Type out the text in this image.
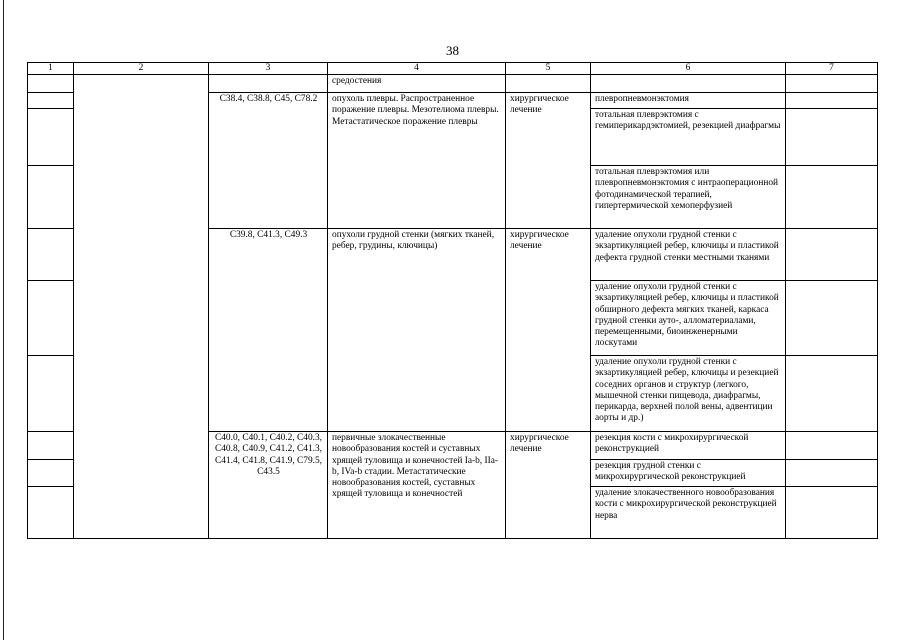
38
1	2	3	4	5	6	7
			средостения			
		C38.4, C38.8, C45, C78.2	опухоль плевры. Распространенное поражение плевры. Мезотелиома плевры. Метастатическое поражение плевры	хирургическое лечение	плевропневмонэктомия	
					тотальная плеврэктомия с гемиперикардэктомией, резекцией диафрагмы	
					тотальная плеврэктомия или плевропневмонэктомия с интраоперационной фотодинамической терапией, гипертермической хемоперфузией	
		C39.8, C41.3, C49.3	опухоли грудной стенки (мягких тканей, ребер, грудины, ключицы)	хирургическое лечение	удаление опухоли грудной стенки с экзартикуляцией ребер, ключицы и пластикой дефекта грудной стенки местными тканями	
					удаление опухоли грудной стенки с экзартикуляцией ребер, ключицы и пластикой обширного дефекта мягких тканей, каркаса грудной стенки ауто-, алломатериалами, перемещенными, биоинженерными лоскутами	
					удаление опухоли грудной стенки с экзартикуляцией ребер, ключицы и резекцией соседних органов и структур (легкого, мышечной стенки пищевода, диафрагмы, перикарда, верхней полой вены, адвентиции аорты и др.)	
		C40.0, C40.1, C40.2, C40.3, C40.8, C40.9, C41.2, C41.3, C41.4, C41.8, C41.9, C79.5, C43.5	первичные злокачественные новообразования костей и суставных хрящей туловища и конечностей Ia-b, IIa-b, IVa-b стадии. Метастатические новообразования костей, суставных хрящей туловища и конечностей	хирургическое лечение	резекция кости с микрохирургической реконструкцией	
					резекция грудной стенки с микрохирургической реконструкцией	
					удаление злокачественного новообразования кости с микрохирургической реконструкцией нерва	
